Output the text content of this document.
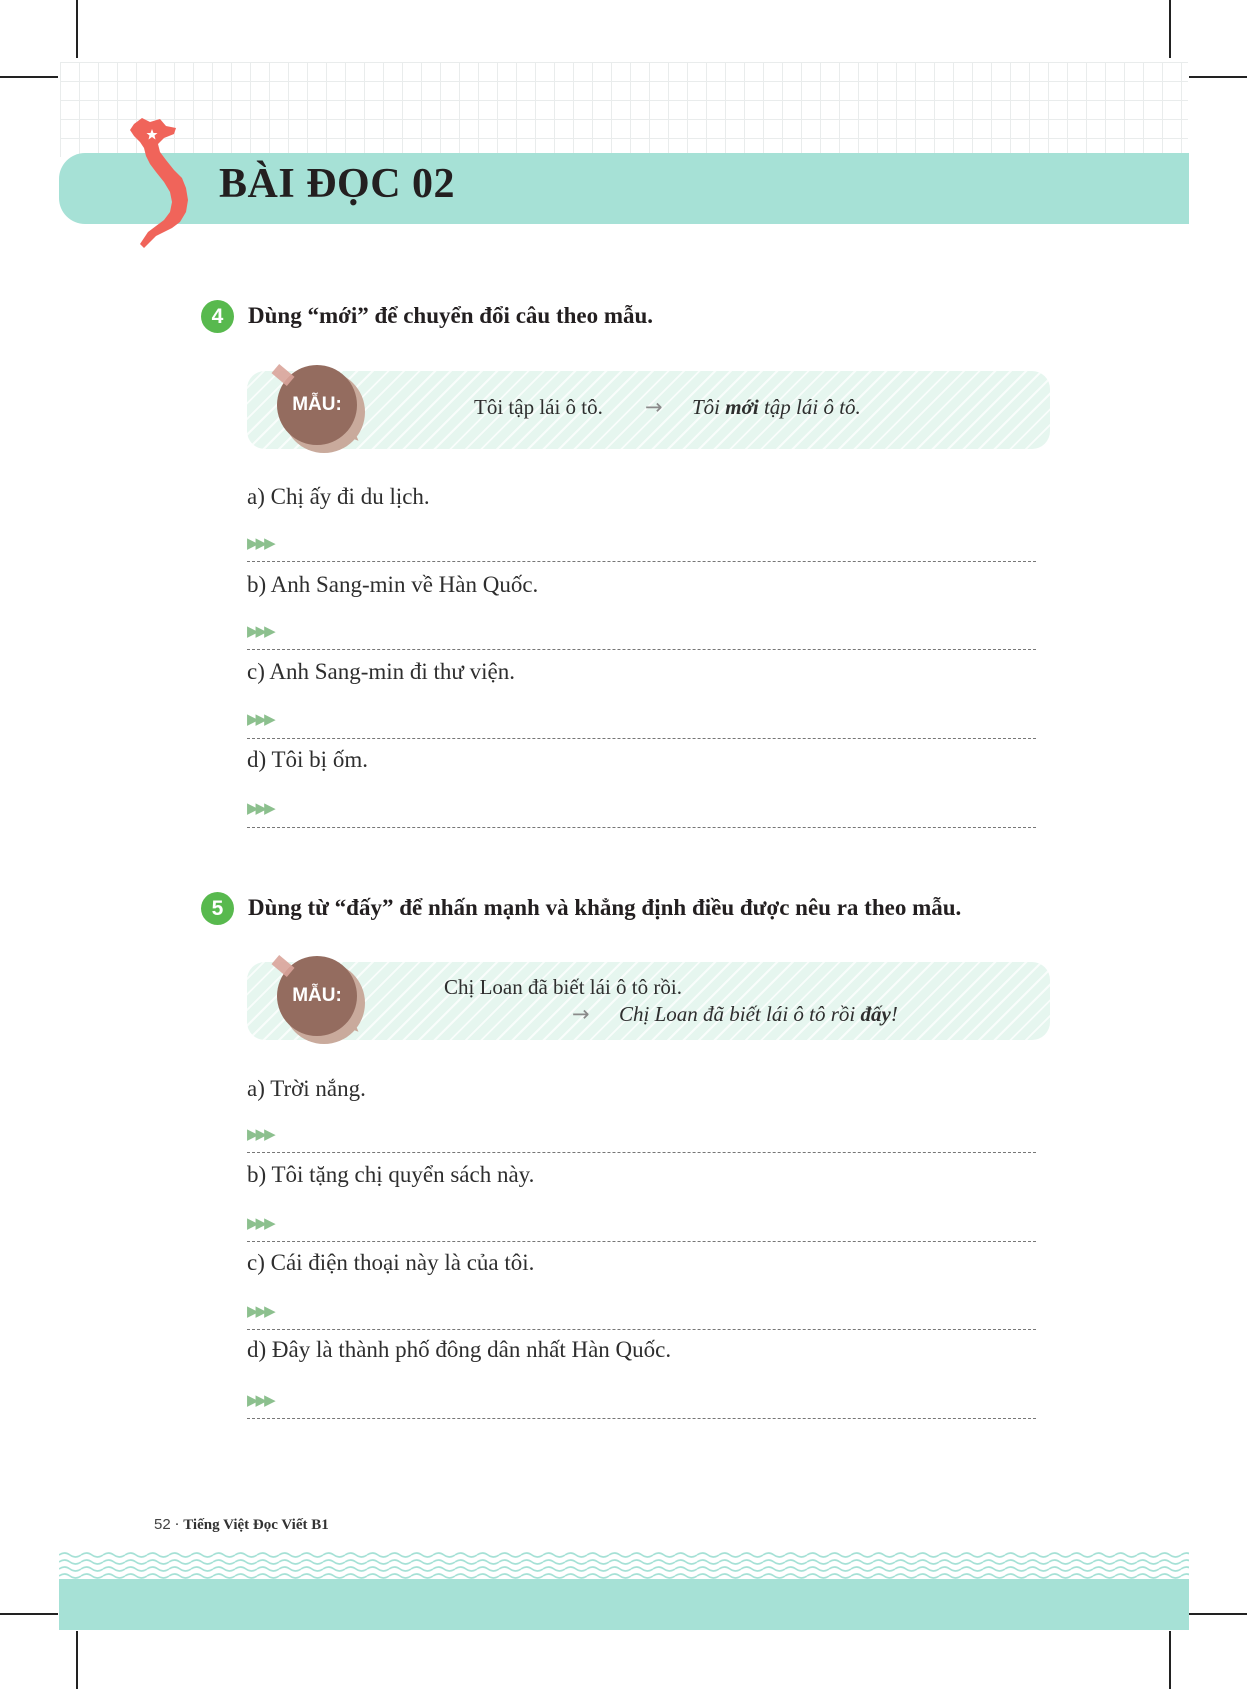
BÀI ĐỌC 02
4	Dùng “mới” để chuyển đổi câu theo mẫu.
MẪU:	Tôi tập lái ô tô. → Tôi mới tập lái ô tô.
a) Chị ấy đi du lịch.
▶▶▶
b) Anh Sang-min về Hàn Quốc.
▶▶▶
c) Anh Sang-min đi thư viện.
▶▶▶
d) Tôi bị ốm.
▶▶▶
5	Dùng từ “đấy” để nhấn mạnh và khẳng định điều được nêu ra theo mẫu.
MẪU:	Chị Loan đã biết lái ô tô rồi.
→ Chị Loan đã biết lái ô tô rồi đấy!
a) Trời nắng.
▶▶▶
b) Tôi tặng chị quyển sách này.
▶▶▶
c) Cái điện thoại này là của tôi.
▶▶▶
d) Đây là thành phố đông dân nhất Hàn Quốc.
▶▶▶
52 · Tiếng Việt Đọc Viết B1
